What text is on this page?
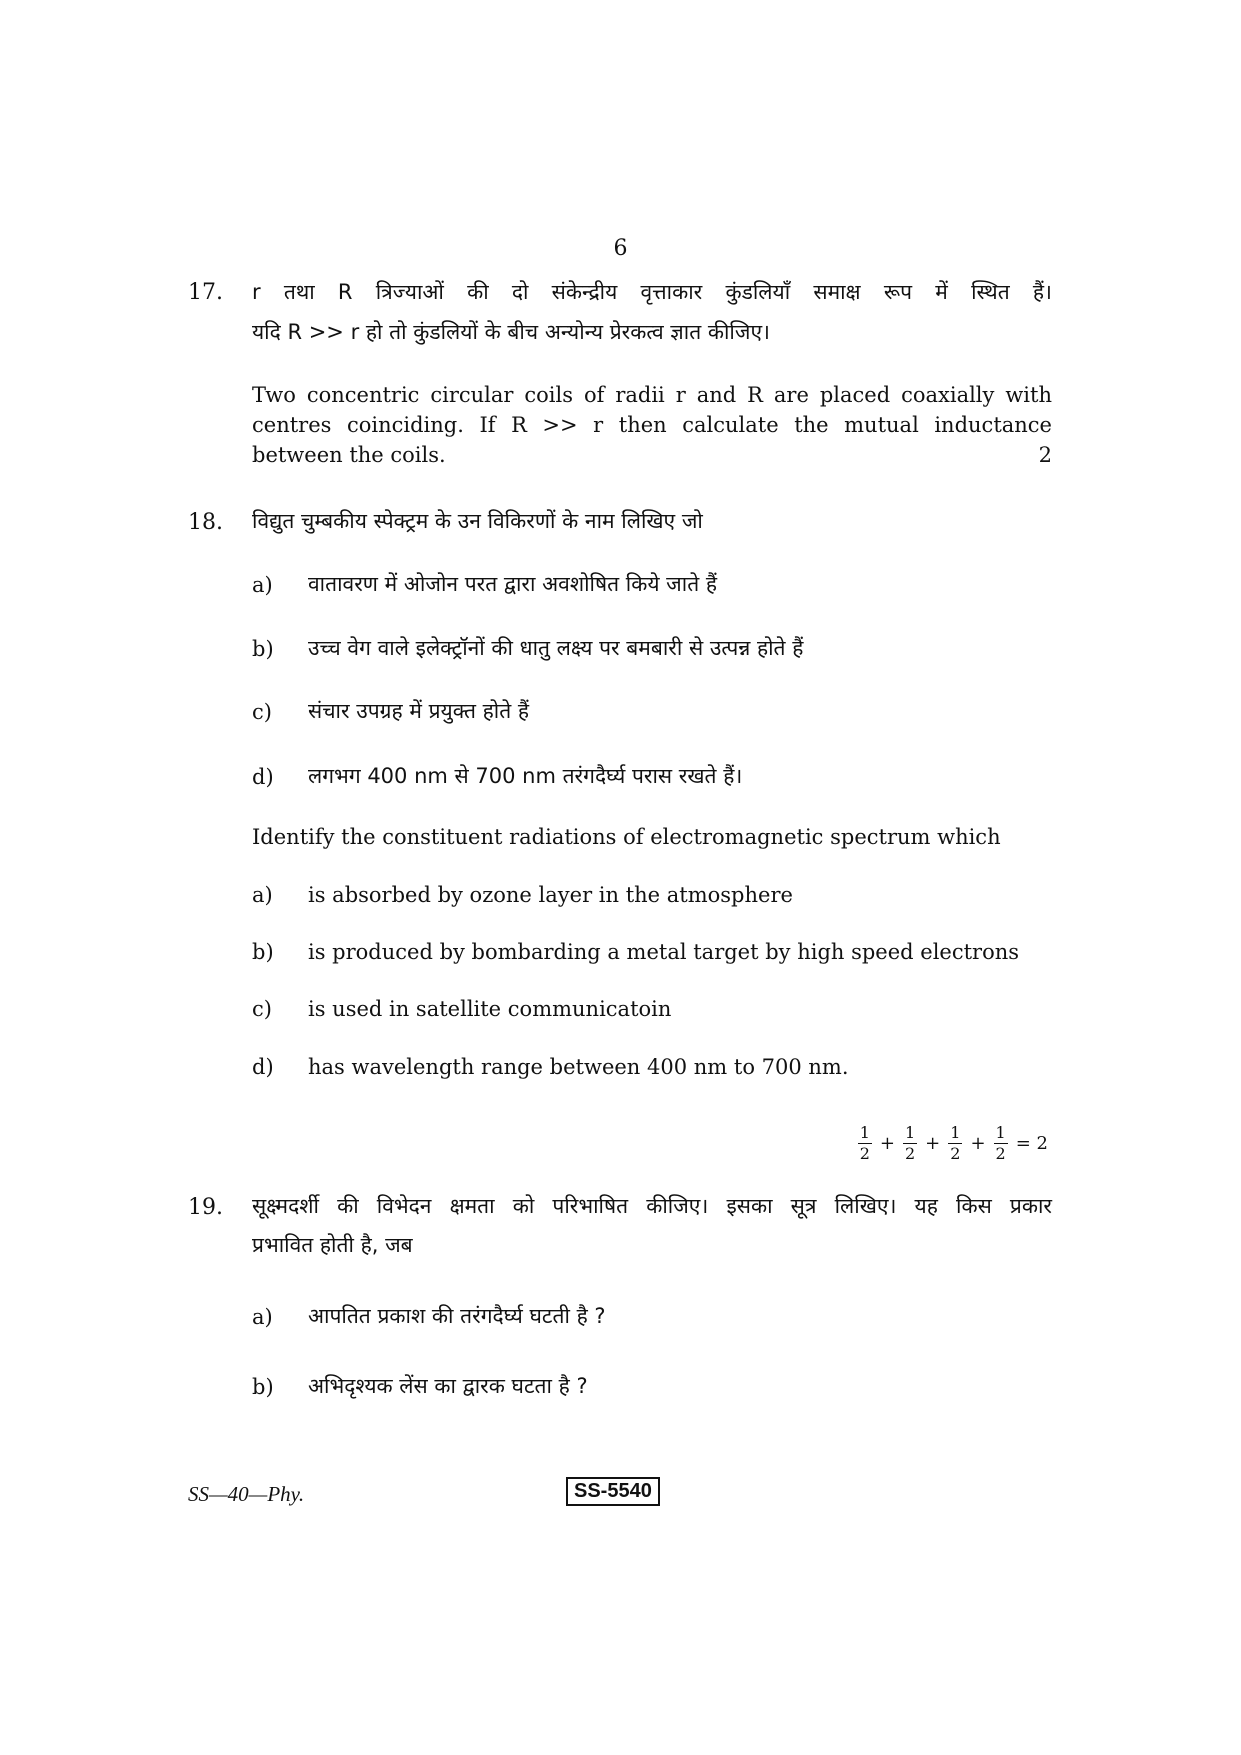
6
17. r तथा R त्रिज्याओं की दो संकेन्द्रीय वृत्ताकार कुंडलियाँ समाक्ष रूप में स्थित हैं।
यदि R >> r हो तो कुंडलियों के बीच अन्योन्य प्रेरकत्व ज्ञात कीजिए।
Two concentric circular coils of radii r and R are placed coaxially with
centres coinciding. If R >> r then calculate the mutual inductance
between the coils.	2
18. विद्युत चुम्बकीय स्पेक्ट्रम के उन विकिरणों के नाम लिखिए जो
a) वातावरण में ओजोन परत द्वारा अवशोषित किये जाते हैं
b) उच्च वेग वाले इलेक्ट्रॉनों की धातु लक्ष्य पर बमबारी से उत्पन्न होते हैं
c) संचार उपग्रह में प्रयुक्त होते हैं
d) लगभग 400 nm से 700 nm तरंगदैर्घ्य परास रखते हैं।
Identify the constituent radiations of electromagnetic spectrum which
a) is absorbed by ozone layer in the atmosphere
b) is produced by bombarding a metal target by high speed electrons
c) is used in satellite communicatoin
d) has wavelength range between 400 nm to 700 nm.
$\frac{1}{2} + \frac{1}{2} + \frac{1}{2} + \frac{1}{2} = 2$
19. सूक्ष्मदर्शी की विभेदन क्षमता को परिभाषित कीजिए। इसका सूत्र लिखिए। यह किस प्रकार
प्रभावित होती है, जब
a) आपतित प्रकाश की तरंगदैर्घ्य घटती है ?
b) अभिदृश्यक लेंस का द्वारक घटता है ?
SS—40—Phy.	SS-5540
